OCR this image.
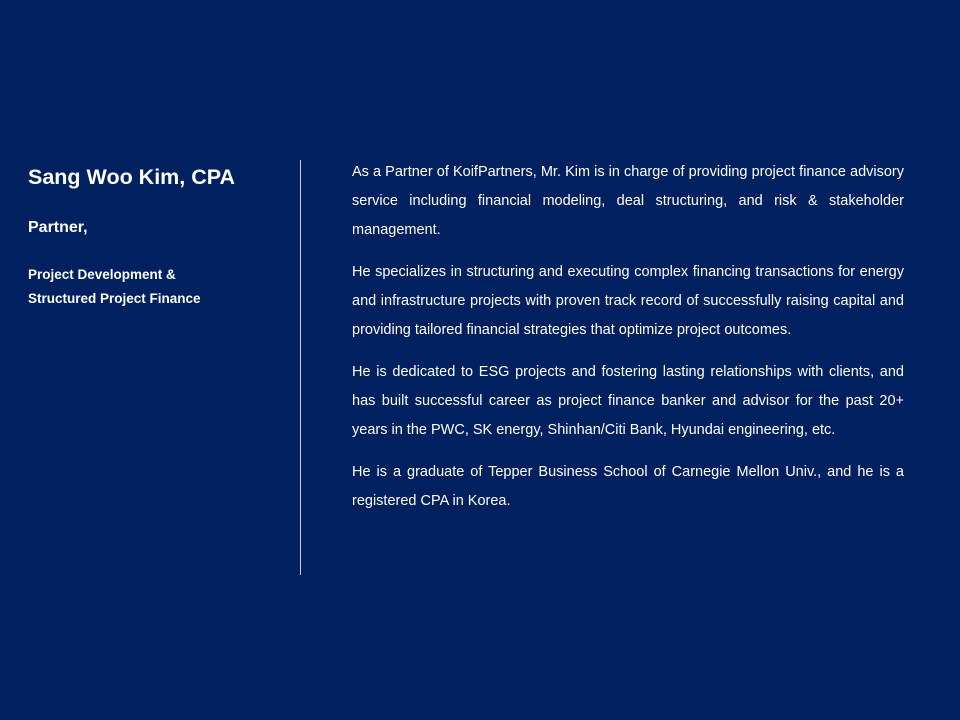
Sang Woo Kim, CPA
Partner,
Project Development &
Structured Project Finance

As a Partner of KoifPartners, Mr. Kim is in charge of providing project finance advisory service including financial modeling, deal structuring, and risk & stakeholder management.

He specializes in structuring and executing complex financing transactions for energy and infrastructure projects with proven track record of successfully raising capital and providing tailored financial strategies that optimize project outcomes.

He is dedicated to ESG projects and fostering lasting relationships with clients, and has built successful career as project finance banker and advisor for the past 20+ years in the PWC, SK energy, Shinhan/Citi Bank, Hyundai engineering, etc.

He is a graduate of Tepper Business School of Carnegie Mellon Univ., and he is a registered CPA in Korea.
